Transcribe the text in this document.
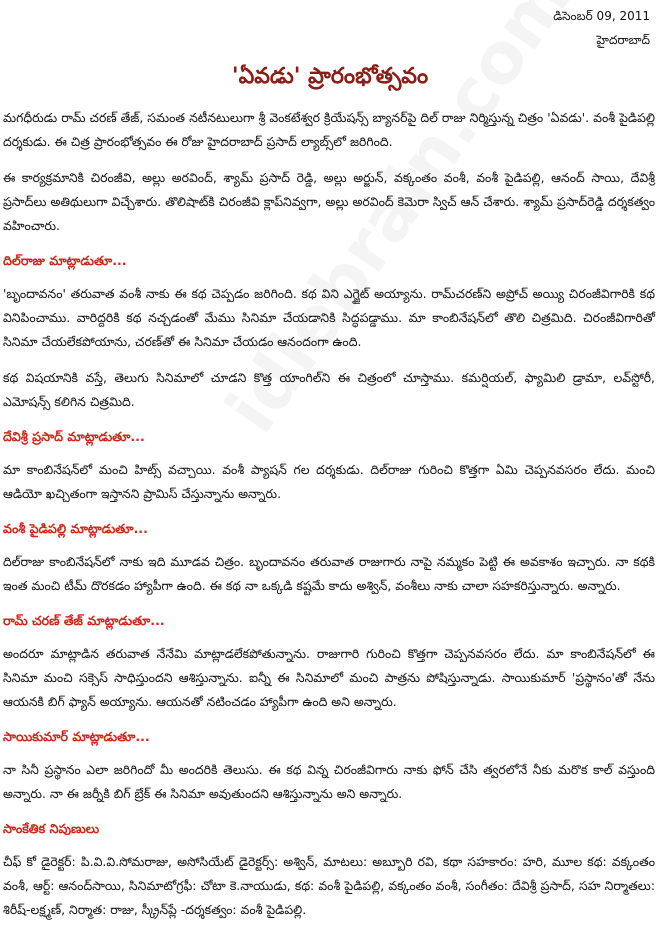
డిసెంబర్ 09, 2011
హైదరాబాద్
'ఏవడు' ప్రారంభోత్సవం
మగధీరుడు రామ్ చరణ్ తేజ్, సమంత నటీనటులుగా శ్రీ వెంకటేశ్వర క్రియేషన్స్ బ్యానర్‌పై దిల్ రాజు నిర్మిస్తున్న చిత్రం 'ఏవడు'. వంశీ పైడిపల్లి దర్శకుడు. ఈ చిత్ర ప్రారంభోత్సవం ఈ రోజు హైదరాబాద్ ప్రసాద్ ల్యాబ్స్‌లో జరిగింది.
ఈ కార్యక్రమానికి చిరంజీవి, అల్లు అరవింద్, శ్యామ్ ప్రసాద్ రెడ్డి, అల్లు అర్జున్, వక్కంతం వంశీ, వంశీ పైడిపల్లి, ఆనంద్ సాయి, దేవిశ్రీ ప్రసాద్‌లు అతిథులుగా విచ్చేశారు. తొలిషాట్‌కి చిరంజీవి క్లాప్‌నివ్వగా, అల్లు అరవింద్ కెమెరా స్విచ్ ఆన్ చేశారు. శ్యామ్ ప్రసాద్‌రెడ్డి దర్శకత్వం వహించారు.
దిల్‌రాజు మాట్లాడుతూ...
'బృందావనం' తరువాత వంశీ నాకు ఈ కథ చెప్పడం జరిగింది. కథ విని ఎగ్జైట్ అయ్యాను. రామ్‌చరణ్‌ని అప్రోచ్ అయ్యి చిరంజీవిగారికి కథ వినిపించాము. వారిద్దరికి కథ నచ్చడంతో మేము సినిమా చేయడానికి సిద్ధపడ్డాము. మా కాంబినేషన్‌లో తొలి చిత్రమిది. చిరంజీవిగారితో సినిమా చేయలేకపోయాను, చరణ్‌తో ఈ సినిమా చేయడం ఆనందంగా ఉంది.
కథ విషయానికి వస్తే, తెలుగు సినిమాలో చూడని కొత్త యాంగిల్‌ని ఈ చిత్రంలో చూస్తాము. కమర్షియల్, ఫ్యామిలి డ్రామా, లవ్‌స్టోరీ, ఎమోషన్స్ కలిగిన చిత్రమిది.
దేవిశ్రీ ప్రసాద్ మాట్లాడుతూ...
మా కాంబినేషన్‌లో మంచి హిట్స్ వచ్చాయి. వంశీ ప్యాషన్ గల దర్శకుడు. దిల్‌రాజు గురించి కొత్తగా ఏమి చెప్పనవసరం లేదు. మంచి ఆడియో ఖచ్చితంగా ఇస్తానని ప్రామిస్ చేస్తున్నాను అన్నారు.
వంశీ పైడిపల్లి మాట్లాడుతూ...
దిల్‌రాజు కాంబినేషన్‌లో నాకు ఇది మూడవ చిత్రం. బృందావనం తరువాత రాజుగారు నాపై నమ్మకం పెట్టి ఈ అవకాశం ఇచ్చారు. నా కథకి ఇంత మంచి టీమ్ దొరకడం హ్యాపీగా ఉంది. ఈ కథ నా ఒక్కడి కష్టమే కాదు అశ్విన్, వంశీలు నాకు చాలా సహకరిస్తున్నారు. అన్నారు.
రామ్ చరణ్ తేజ్ మాట్లాడుతూ...
అందరూ మాట్లాడిన తరువాత నేనేమి మాట్లాడలేకపోతున్నాను. రాజుగారి గురించి కొత్తగా చెప్పనవసరం లేదు. మా కాంబినేషన్‌లో ఈ సినిమా మంచి సక్సెస్ సాధిస్తుందని ఆశిస్తున్నాను. ఐన్నీ ఈ సినిమాలో మంచి పాత్రను పోషిస్తున్నాడు. సాయికుమార్ 'ప్రస్థానం'తో నేను ఆయనకి బిగ్ ఫ్యాన్ అయ్యాను. ఆయనతో నటించడం హ్యాపీగా ఉంది అని అన్నారు.
సాయికుమార్ మాట్లాడుతూ...
నా సినీ ప్రస్థానం ఎలా జరిగిందో మీ అందరికి తెలుసు. ఈ కథ విన్న చిరంజీవిగారు నాకు ఫోన్ చేసి త్వరలోనే నీకు మరొక కాల్ వస్తుంది అన్నారు. నా ఈ జర్నీకి బిగ్ బ్రేక్ ఈ సినిమా అవుతుందని ఆశిస్తున్నాను అని అన్నారు.
సాంకేతిక నిపుణులు
చీఫ్ కో డైరెక్టర్: పి.వి.వి.సోమరాజు, అసోసియేట్ డైరెక్టర్స్: అశ్విన్, మాటలు: అబ్బూరి రవి, కథా సహకారం: హరి, మూల కథ: వక్కంతం వంశీ, ఆర్ట్: ఆనంద్‌సాయి, సినిమాటోగ్రఫీ: చోటా కె.నాయుడు, కథ: వంశీ పైడిపల్లి, వక్కంతం వంశీ, సంగీతం: దేవిశ్రీ ప్రసాద్, సహ నిర్మాతలు: శిరీష్-లక్ష్మణ్, నిర్మాత: రాజు, స్క్రీన్‌ప్లే -దర్శకత్వం: వంశీ పైడిపల్లి.
